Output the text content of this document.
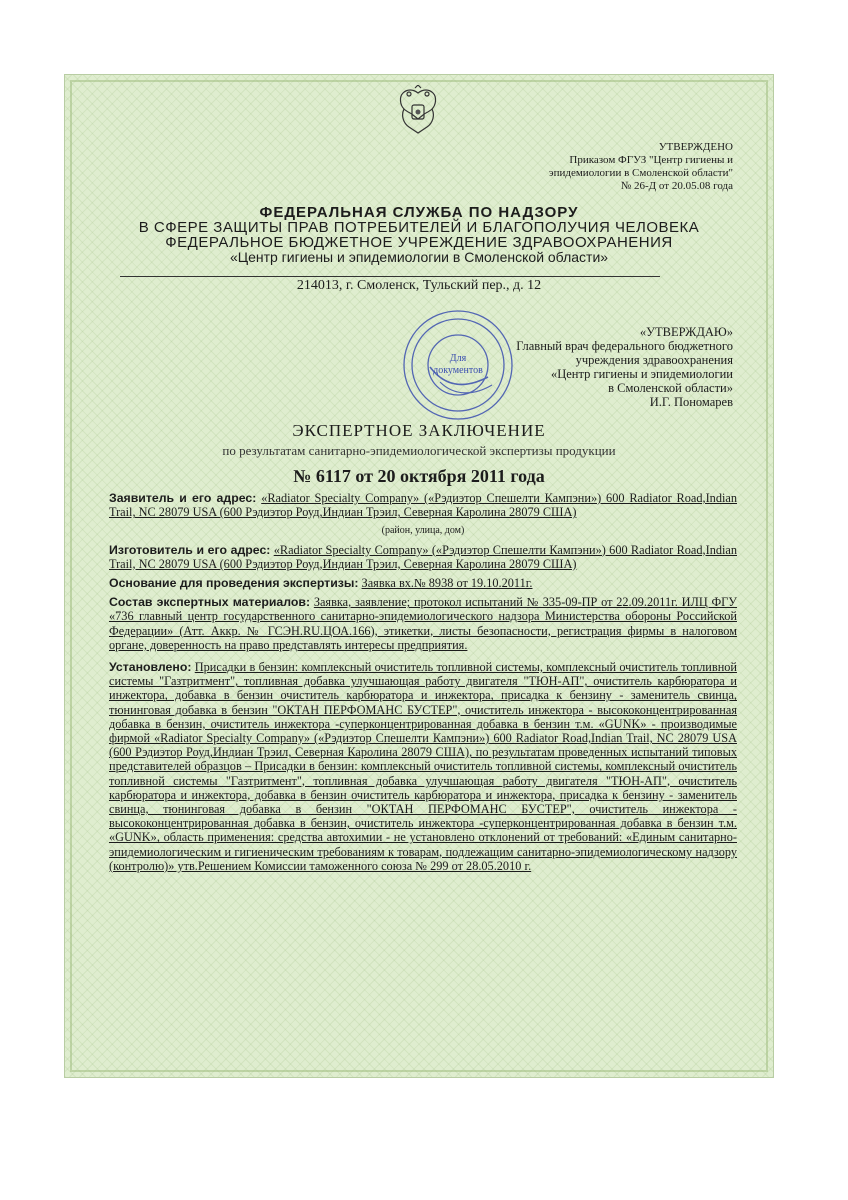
УТВЕРЖДЕНО
Приказом ФГУЗ "Центр гигиены и
эпидемиологии в Смоленской области"
№ 26-Д от 20.05.08 года
ФЕДЕРАЛЬНАЯ СЛУЖБА ПО НАДЗОРУ
В СФЕРЕ ЗАЩИТЫ ПРАВ ПОТРЕБИТЕЛЕЙ И БЛАГОПОЛУЧИЯ ЧЕЛОВЕКА
ФЕДЕРАЛЬНОЕ БЮДЖЕТНОЕ УЧРЕЖДЕНИЕ ЗДРАВООХРАНЕНИЯ
«Центр гигиены и эпидемиологии в Смоленской области»
214013, г. Смоленск, Тульский пер., д. 12
Для
документов
«УТВЕРЖДАЮ»
Главный врач федерального бюджетного
учреждения здравоохранения
«Центр гигиены и эпидемиологии
в Смоленской области»
И.Г. Пономарев
ЭКСПЕРТНОЕ ЗАКЛЮЧЕНИЕ
по результатам санитарно-эпидемиологической экспертизы продукции
№ 6117 от 20 октября 2011 года

Заявитель и его адрес: «Radiator Specialty Company» («Рэдиэтор Спешелти Кампэни») 600 Radiator Road,Indian Trail, NC 28079 USA (600 Рэдиэтор Роуд,Индиан Трэил, Северная Каролина 28079 США)

(район, улица, дом)

Изготовитель и его адрес: «Radiator Specialty Company» («Рэдиэтор Спешелти Кампэни») 600 Radiator Road,Indian Trail, NC 28079 USA (600 Рэдиэтор Роуд,Индиан Трэил, Северная Каролина 28079 США)

Основание для проведения экспертизы: Заявка вх.№ 8938 от 19.10.2011г.

Состав экспертных материалов: Заявка, заявление; протокол испытаний № 335-09-ПР от 22.09.2011г. ИЛЦ ФГУ «736 главный центр государственного санитарно-эпидемиологического надзора Министерства обороны Российской Федерации» (Атт. Аккр. № ГСЭН.RU.ЦОА.166), этикетки, листы безопасности, регистрация фирмы в налоговом органе, доверенность на право представлять интересы предприятия.

Установлено: Присадки в бензин: комплексный очиститель топливной системы, комплексный очиститель топливной системы "Газтритмент", топливная добавка улучшающая работу двигателя "ТЮН-АП", очиститель карбюратора и инжектора, добавка в бензин очиститель карбюратора и инжектора, присадка к бензину - заменитель свинца, тюнинговая добавка в бензин "ОКТАН ПЕРФОМАНС БУСТЕР", очиститель инжектора - высококонцентрированная добавка в бензин, очиститель инжектора -суперконцентрированная добавка в бензин т.м. «GUNK» - производимые фирмой «Radiator Specialty Company» («Рэдиэтор Спешелти Кампэни») 600 Radiator Road,Indian Trail, NC 28079 USA (600 Рэдиэтор Роуд,Индиан Трэил, Северная Каролина 28079 США), по результатам проведенных испытаний типовых представителей образцов – Присадки в бензин: комплексный очиститель топливной системы, комплексный очиститель топливной системы "Газтритмент", топливная добавка улучшающая работу двигателя "ТЮН-АП", очиститель карбюратора и инжектора, добавка в бензин очиститель карбюратора и инжектора, присадка к бензину - заменитель свинца, тюнинговая добавка в бензин "ОКТАН ПЕРФОМАНС БУСТЕР", очиститель инжектора - высококонцентрированная добавка в бензин, очиститель инжектора -суперконцентрированная добавка в бензин т.м. «GUNK», область применения: средства автохимии - не установлено отклонений от требований: «Единым санитарно-эпидемиологическим и гигиеническим требованиям к товарам, подлежащим санитарно-эпидемиологическому надзору (контролю)» утв.Решением Комиссии таможенного союза № 299 от 28.05.2010 г.
